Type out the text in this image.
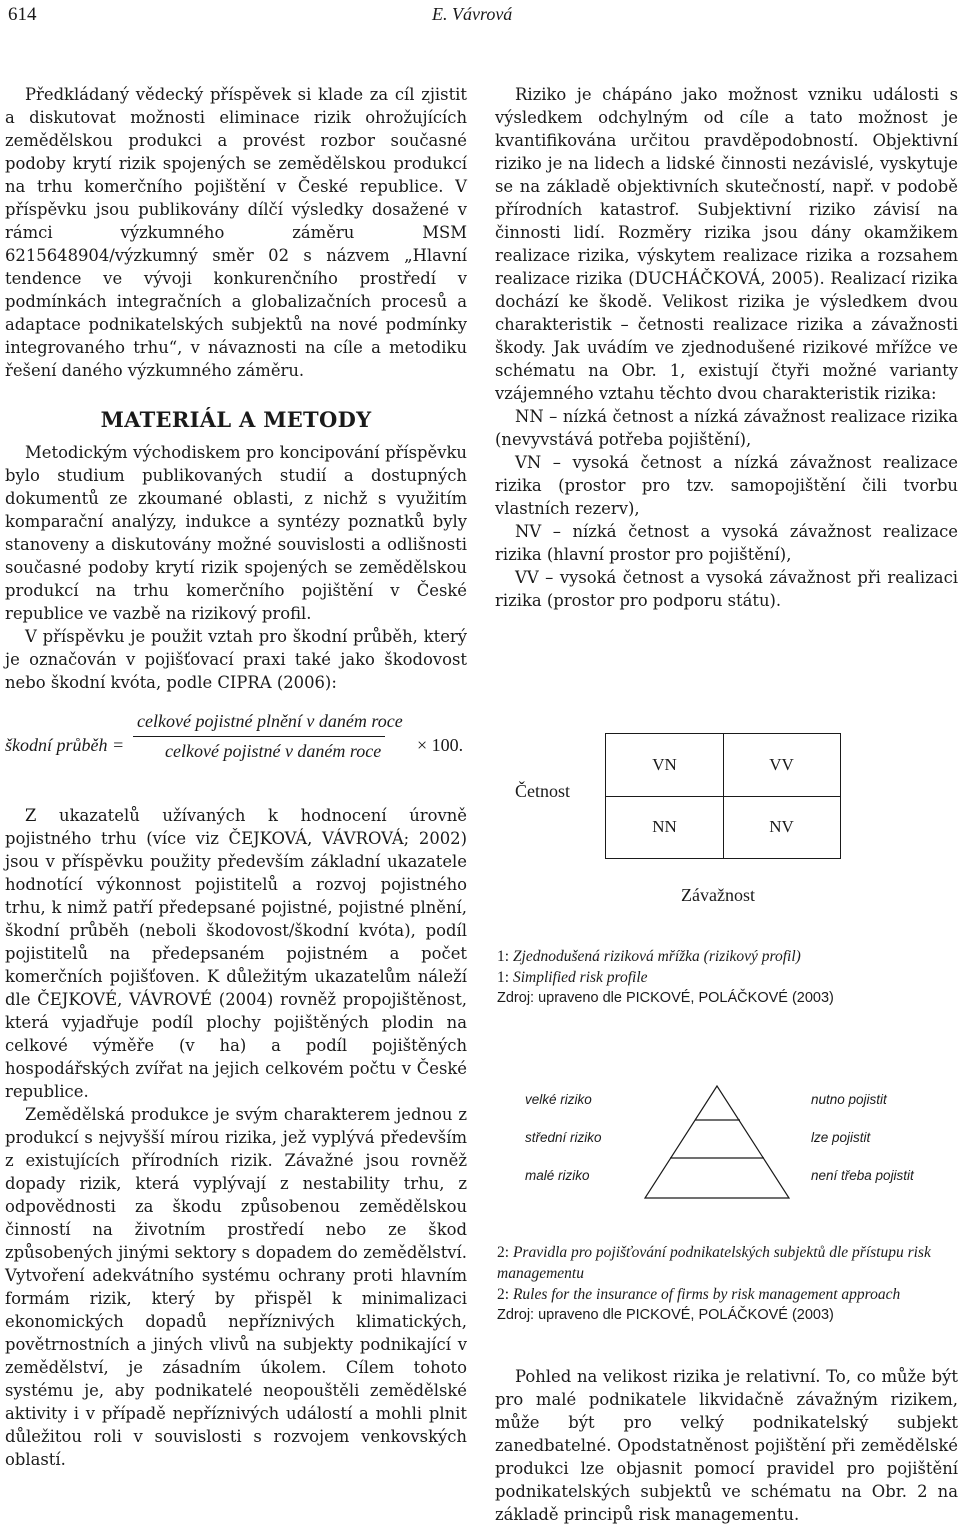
614	E. Vávrová

Předkládaný vědecký příspěvek si klade za cíl zjistit a diskutovat možnosti eliminace rizik ohrožujících zemědělskou produkci a provést rozbor současné podoby krytí rizik spojených se zemědělskou produkcí na trhu komerčního pojištění v České republice. V příspěvku jsou publikovány dílčí výsledky dosažené v rámci výzkumného záměru MSM 6215648904/výzkumný směr 02 s názvem „Hlavní tendence ve vývoji konkurenčního prostředí v podmínkách integračních a globalizačních procesů a adaptace podnikatelských subjektů na nové podmínky integrovaného trhu“, v návaznosti na cíle a metodiku řešení daného výzkumného záměru.

MATERIÁL A METODY

Metodickým východiskem pro koncipování příspěvku bylo studium publikovaných studií a dostupných dokumentů ze zkoumané oblasti, z nichž s využitím komparační analýzy, indukce a syntézy poznatků byly stanoveny a diskutovány možné souvislosti a odlišnosti současné podoby krytí rizik spojených se zemědělskou produkcí na trhu komerčního pojištění v České republice ve vazbě na rizikový profil.

V příspěvku je použit vztah pro škodní průběh, který je označován v pojišťovací praxi také jako škodovost nebo škodní kvóta, podle CIPRA (2006):

škodní průběh =
celkové pojistné plnění v daném roce
celkové pojistné v daném roce × 100.

Z ukazatelů užívaných k hodnocení úrovně pojistného trhu (více viz ČEJKOVÁ, VÁVROVÁ; 2002) jsou v příspěvku použity především základní ukazatele hodnotící výkonnost pojistitelů a rozvoj pojistného trhu, k nimž patří předepsané pojistné, pojistné plnění, škodní průběh (neboli škodovost/škodní kvóta), podíl pojistitelů na předepsaném pojistném a počet komerčních pojišťoven. K důležitým ukazatelům náleží dle ČEJKOVÉ, VÁVROVÉ (2004) rovněž propojištěnost, která vyjadřuje podíl plochy pojištěných plodin na celkové výměře (v ha) a podíl pojištěných hospodářských zvířat na jejich celkovém počtu v České republice.

Zemědělská produkce je svým charakterem jednou z produkcí s nejvyšší mírou rizika, jež vyplývá především z existujících přírodních rizik. Závažné jsou rovněž dopady rizik, která vyplývají z nestability trhu, z odpovědnosti za škodu způsobenou zemědělskou činností na životním prostředí nebo ze škod způsobených jinými sektory s dopadem do zemědělství. Vytvoření adekvátního systému ochrany proti hlavním formám rizik, který by přispěl k minimalizaci ekonomických dopadů nepříznivých klimatických, povětrnostních a jiných vlivů na subjekty podnikající v zemědělství, je zásadním úkolem. Cílem tohoto systému je, aby podnikatelé neopouštěli zemědělské aktivity i v případě nepříznivých událostí a mohli plnit důležitou roli v souvislosti s rozvojem venkovských oblastí.

Riziko je chápáno jako možnost vzniku události s výsledkem odchylným od cíle a tato možnost je kvantifikována určitou pravděpodobností. Objektivní riziko je na lidech a lidské činnosti nezávislé, vyskytuje se na základě objektivních skutečností, např. v podobě přírodních katastrof. Subjektivní riziko závisí na činnosti lidí. Rozměry rizika jsou dány okamžikem realizace rizika, výskytem realizace rizika a rozsahem realizace rizika (DUCHÁČKOVÁ, 2005). Realizací rizika dochází ke škodě. Velikost rizika je výsledkem dvou charakteristik – četnosti realizace rizika a závažnosti škody. Jak uvádím ve zjednodušené rizikové mřížce ve schématu na Obr. 1, existují čtyři možné varianty vzájemného vztahu těchto dvou charakteristik rizika:

NN – nízká četnost a nízká závažnost realizace rizika (nevyvstává potřeba pojištění),

VN – vysoká četnost a nízká závažnost realizace rizika (prostor pro tzv. samopojištění čili tvorbu vlastních rezerv),

NV – nízká četnost a vysoká závažnost realizace rizika (hlavní prostor pro pojištění),

VV – vysoká četnost a vysoká závažnost při realizaci rizika (prostor pro podporu státu).

Četnost
VN	VV
NN	NV
Závažnost
1: Zjednodušená riziková mřížka (rizikový profil)
1: Simplified risk profile
Zdroj: upraveno dle PICKOVÉ, POLÁČKOVÉ (2003)
velké riziko
střední riziko
malé riziko
nutno pojistit
lze pojistit
není třeba pojistit
2: Pravidla pro pojišťování podnikatelských subjektů dle přístupu risk managementu
2: Rules for the insurance of firms by risk management approach
Zdroj: upraveno dle PICKOVÉ, POLÁČKOVÉ (2003)

Pohled na velikost rizika je relativní. To, co může být pro malé podnikatele likvidačně závažným rizikem, může být pro velký podnikatelský subjekt zanedbatelné. Opodstatněnost pojištění při zemědělské produkci lze objasnit pomocí pravidel pro pojištění podnikatelských subjektů ve schématu na Obr. 2 na základě principů risk managementu.
